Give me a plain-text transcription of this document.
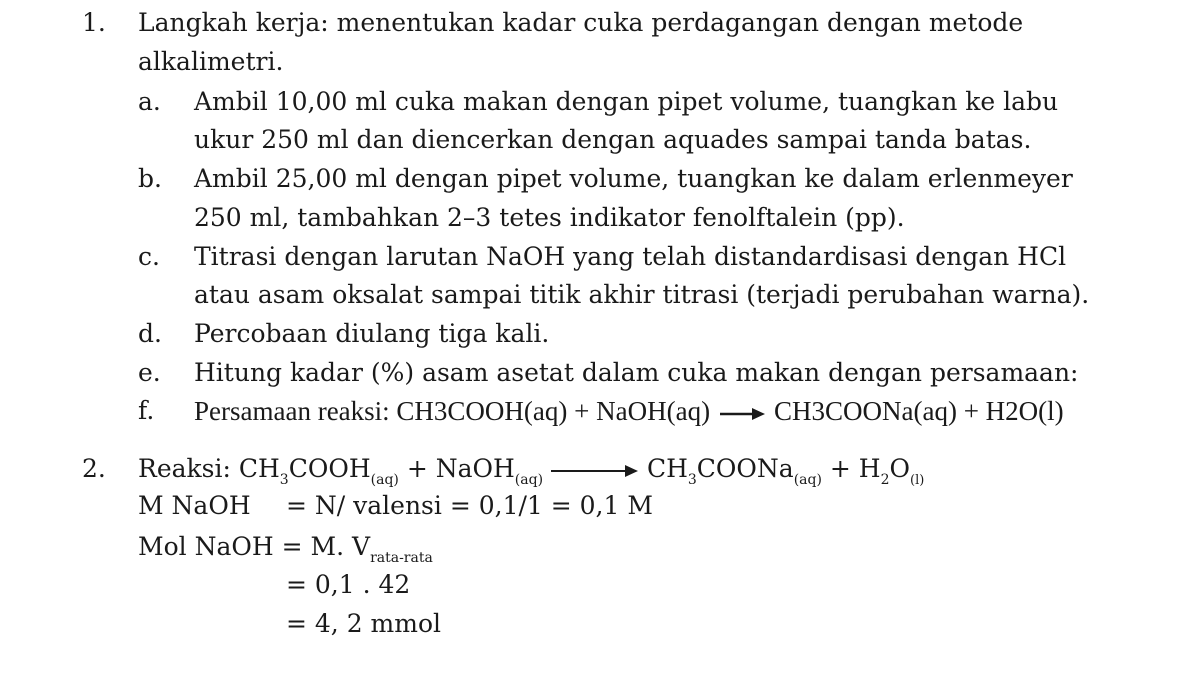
1. Langkah kerja: menentukan kadar cuka perdagangan dengan metode
alkalimetri.
a. Ambil 10,00 ml cuka makan dengan pipet volume, tuangkan ke labu
ukur 250 ml dan diencerkan dengan aquades sampai tanda batas.
b. Ambil 25,00 ml dengan pipet volume, tuangkan ke dalam erlenmeyer
250 ml, tambahkan 2–3 tetes indikator fenolftalein (pp).
c. Titrasi dengan larutan NaOH yang telah distandardisasi dengan HCl
atau asam oksalat sampai titik akhir titrasi (terjadi perubahan warna).
d. Percobaan diulang tiga kali.
e. Hitung kadar (%) asam asetat dalam cuka makan dengan persamaan:
f. Persamaan reaksi: CH3COOH(aq) + NaOH(aq) → CH3COONa(aq) + H2O(l)
2. Reaksi: $CH_3COOH_{(aq)}$ + NaOH$_{(aq)}$ → $CH_3COONa_{(aq)} + H_2O_{(l)}$
M NaOH = N/ valensi = 0,1/1 = 0,1 M
Mol NaOH = M. $V_{rata-rata}$
= 0,1 . 42
= 4, 2 mmol
